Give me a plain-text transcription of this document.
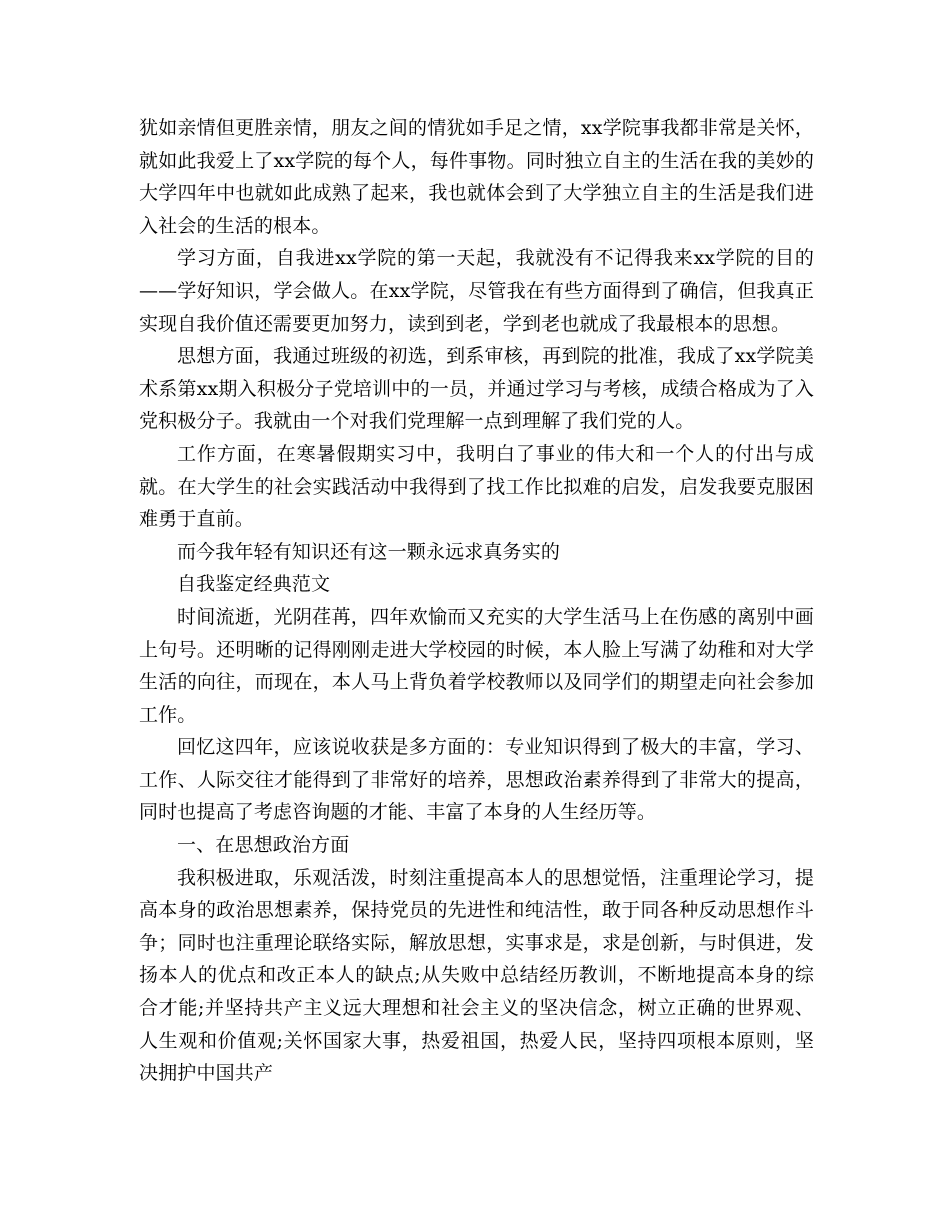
犹如亲情但更胜亲情，朋友之间的情犹如手足之情，xx学院事我都非常是关怀，就如此我爱上了xx学院的每个人，每件事物。同时独立自主的生活在我的美妙的大学四年中也就如此成熟了起来，我也就体会到了大学独立自主的生活是我们进入社会的生活的根本。

学习方面，自我进xx学院的第一天起，我就没有不记得我来xx学院的目的——学好知识，学会做人。在xx学院，尽管我在有些方面得到了确信，但我真正实现自我价值还需要更加努力，读到到老，学到老也就成了我最根本的思想。

思想方面，我通过班级的初选，到系审核，再到院的批准，我成了xx学院美术系第xx期入积极分子党培训中的一员，并通过学习与考核，成绩合格成为了入党积极分子。我就由一个对我们党理解一点到理解了我们党的人。

工作方面，在寒暑假期实习中，我明白了事业的伟大和一个人的付出与成就。在大学生的社会实践活动中我得到了找工作比拟难的启发，启发我要克服困难勇于直前。

而今我年轻有知识还有这一颗永远求真务实的

自我鉴定经典范文

时间流逝，光阴荏苒，四年欢愉而又充实的大学生活马上在伤感的离别中画上句号。还明晰的记得刚刚走进大学校园的时候，本人脸上写满了幼稚和对大学生活的向往，而现在，本人马上背负着学校教师以及同学们的期望走向社会参加工作。

回忆这四年，应该说收获是多方面的：专业知识得到了极大的丰富，学习、工作、人际交往才能得到了非常好的培养，思想政治素养得到了非常大的提高，同时也提高了考虑咨询题的才能、丰富了本身的人生经历等。

一、在思想政治方面

我积极进取，乐观活泼，时刻注重提高本人的思想觉悟，注重理论学习，提高本身的政治思想素养，保持党员的先进性和纯洁性，敢于同各种反动思想作斗争；同时也注重理论联络实际，解放思想，实事求是，求是创新，与时俱进，发扬本人的优点和改正本人的缺点;从失败中总结经历教训，不断地提高本身的综合才能;并坚持共产主义远大理想和社会主义的坚决信念，树立正确的世界观、人生观和价值观;关怀国家大事，热爱祖国，热爱人民，坚持四项根本原则，坚决拥护中国共产
